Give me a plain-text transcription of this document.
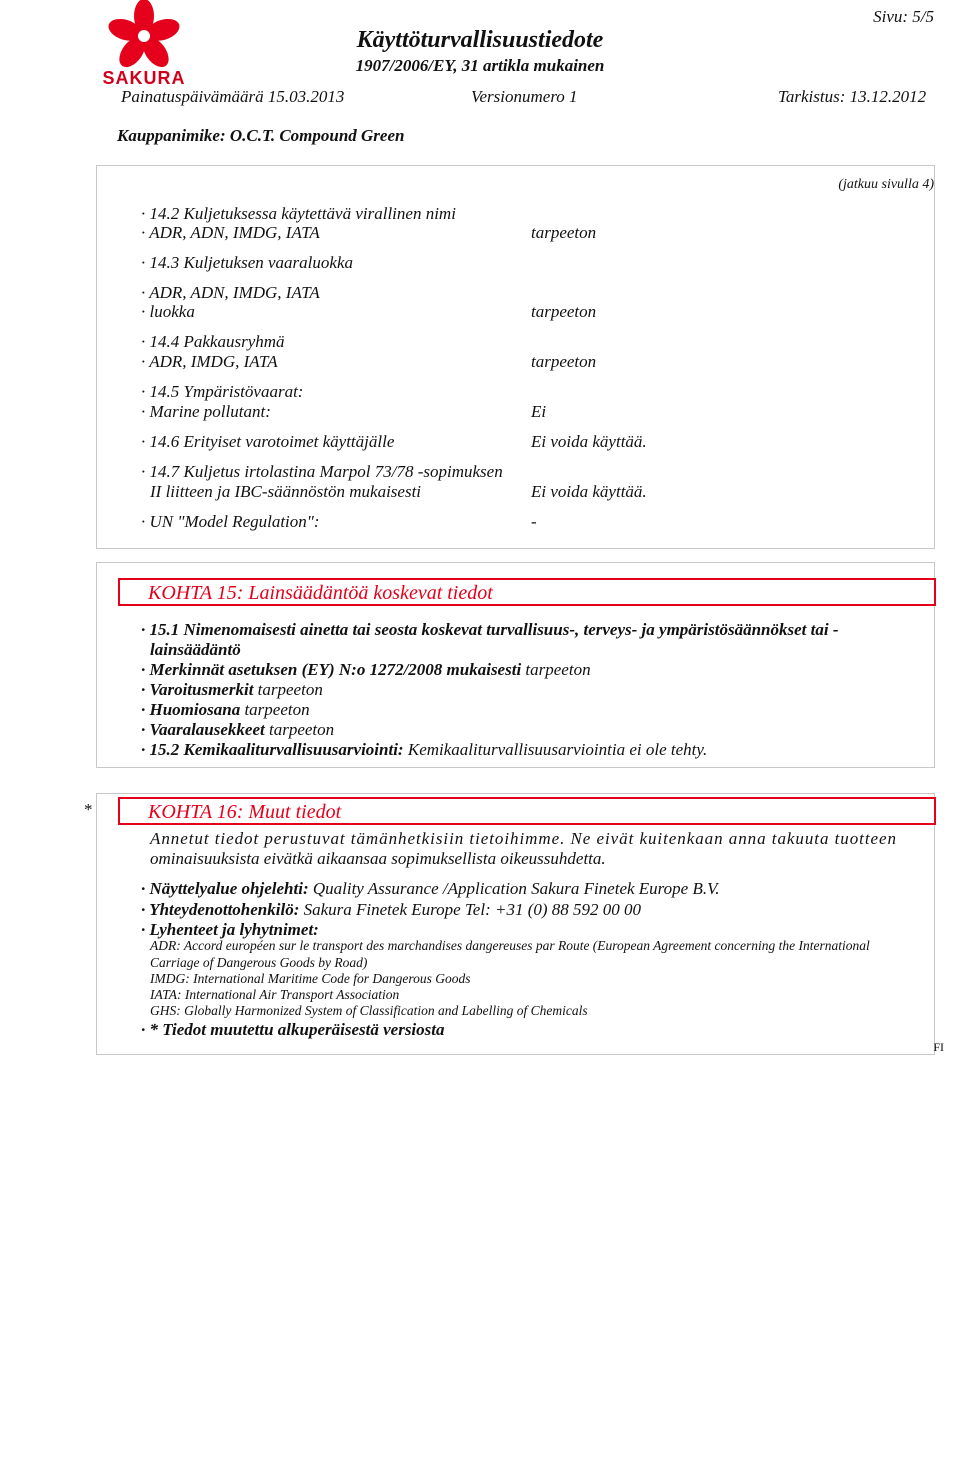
SAKURA
Käyttöturvallisuustiedote
1907/2006/EY, 31 artikla mukainen
Sivu: 5/5
Painatuspäivämäärä 15.03.2013	Versionumero 1	Tarkistus: 13.12.2012
Kauppanimike: O.C.T. Compound Green
(jatkuu sivulla 4)
· 14.2 Kuljetuksessa käytettävä virallinen nimi
· ADR, ADN, IMDG, IATA	tarpeeton
· 14.3 Kuljetuksen vaaraluokka
· ADR, ADN, IMDG, IATA
· luokka	tarpeeton
· 14.4 Pakkausryhmä
· ADR, IMDG, IATA	tarpeeton
· 14.5 Ympäristövaarat:
· Marine pollutant:	Ei
· 14.6 Erityiset varotoimet käyttäjälle	Ei voida käyttää.
· 14.7 Kuljetus irtolastina Marpol 73/78 -sopimuksen
II liitteen ja IBC-säännöstön mukaisesti	Ei voida käyttää.
· UN "Model Regulation":	-
KOHTA 15: Lainsäädäntöä koskevat tiedot
· 15.1 Nimenomaisesti ainetta tai seosta koskevat turvallisuus-, terveys- ja ympäristösäännökset tai -
lainsäädäntö
· Merkinnät asetuksen (EY) N:o 1272/2008 mukaisesti tarpeeton
· Varoitusmerkit tarpeeton
· Huomiosana tarpeeton
· Vaaralausekkeet tarpeeton
· 15.2 Kemikaaliturvallisuusarviointi: Kemikaaliturvallisuusarviointia ei ole tehty.
*	KOHTA 16: Muut tiedot
Annetut tiedot perustuvat tämänhetkisiin tietoihimme. Ne eivät kuitenkaan anna takuuta tuotteen
ominaisuuksista eivätkä aikaansaa sopimuksellista oikeussuhdetta.
· Näyttelyalue ohjelehti: Quality Assurance /Application Sakura Finetek Europe B.V.
· Yhteydenottohenkilö: Sakura Finetek Europe Tel: +31 (0) 88 592 00 00
· Lyhenteet ja lyhytnimet:
ADR: Accord européen sur le transport des marchandises dangereuses par Route (European Agreement concerning the International
Carriage of Dangerous Goods by Road)
IMDG: International Maritime Code for Dangerous Goods
IATA: International Air Transport Association
GHS: Globally Harmonized System of Classification and Labelling of Chemicals
· * Tiedot muutettu alkuperäisestä versiosta
FI
